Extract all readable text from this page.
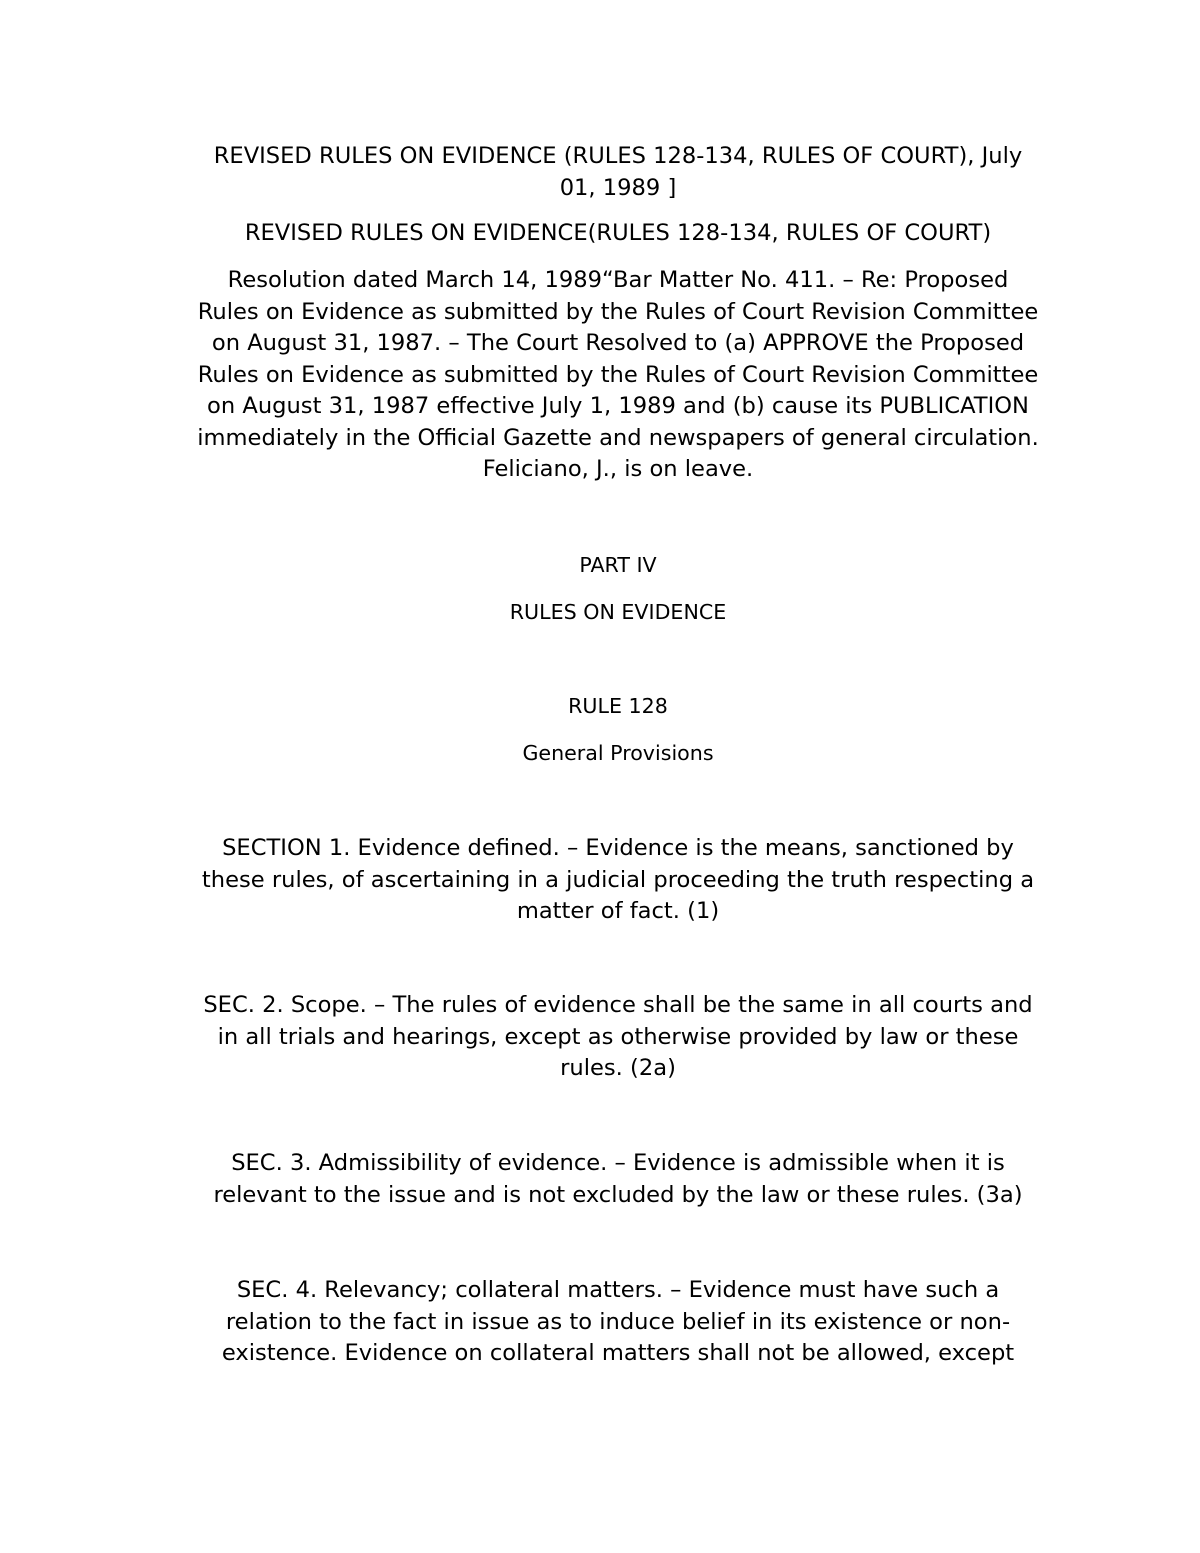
REVISED RULES ON EVIDENCE (RULES 128-134, RULES OF COURT), July
01, 1989 ]
REVISED RULES ON EVIDENCE(RULES 128-134, RULES OF COURT)
Resolution dated March 14, 1989“Bar Matter No. 411. – Re: Proposed
Rules on Evidence as submitted by the Rules of Court Revision Committee
on August 31, 1987. – The Court Resolved to (a) APPROVE the Proposed
Rules on Evidence as submitted by the Rules of Court Revision Committee
on August 31, 1987 effective July 1, 1989 and (b) cause its PUBLICATION
immediately in the Official Gazette and newspapers of general circulation.
Feliciano, J., is on leave.
PART IV
RULES ON EVIDENCE
RULE 128
General Provisions
SECTION 1. Evidence defined. – Evidence is the means, sanctioned by
these rules, of ascertaining in a judicial proceeding the truth respecting a
matter of fact. (1)
SEC. 2. Scope. – The rules of evidence shall be the same in all courts and
in all trials and hearings, except as otherwise provided by law or these
rules. (2a)
SEC. 3. Admissibility of evidence. – Evidence is admissible when it is
relevant to the issue and is not excluded by the law or these rules. (3a)
SEC. 4. Relevancy; collateral matters. – Evidence must have such a
relation to the fact in issue as to induce belief in its existence or non-
existence. Evidence on collateral matters shall not be allowed, except
